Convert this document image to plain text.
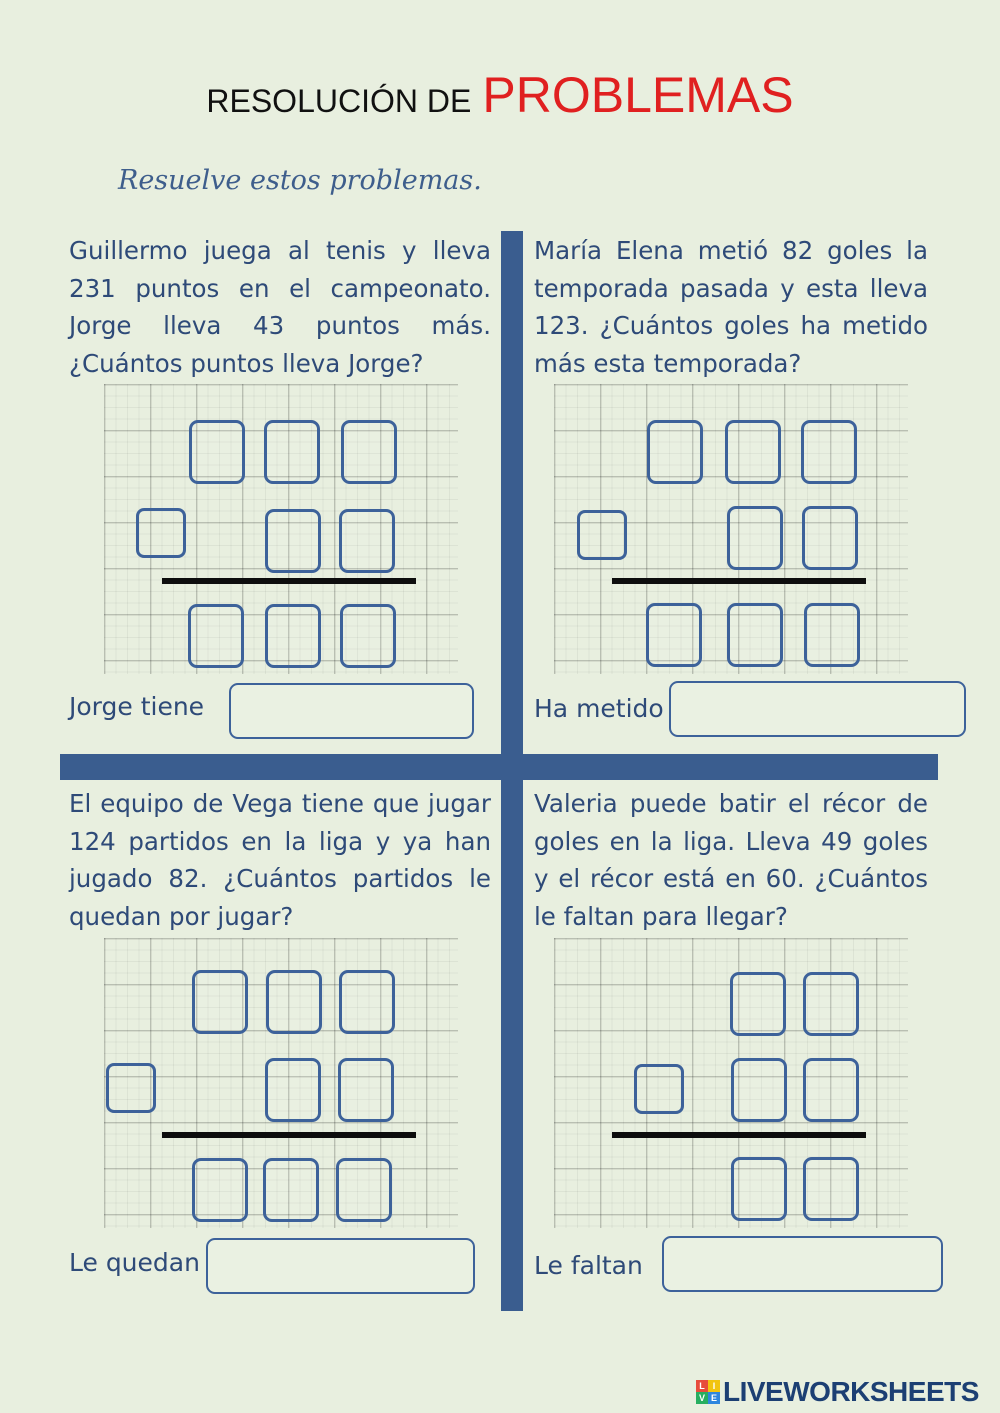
RESOLUCIÓN DE PROBLEMAS
Resuelve estos problemas.

Guillermo juega al tenis y lleva 231 puntos en el campeonato. Jorge lleva 43 puntos más. ¿Cuántos puntos lleva Jorge?

Jorge tiene

María Elena metió 82 goles la temporada pasada y esta lleva 123. ¿Cuántos goles ha metido más esta temporada?

Ha metido

El equipo de Vega tiene que jugar 124 partidos en la liga y ya han jugado 82. ¿Cuántos partidos le quedan por jugar?

Le quedan

Valeria puede batir el récor de goles en la liga. Lleva 49 goles y el récor está en 60. ¿Cuántos le faltan para llegar?

Le faltan
L I
V E LIVEWORKSHEETS
